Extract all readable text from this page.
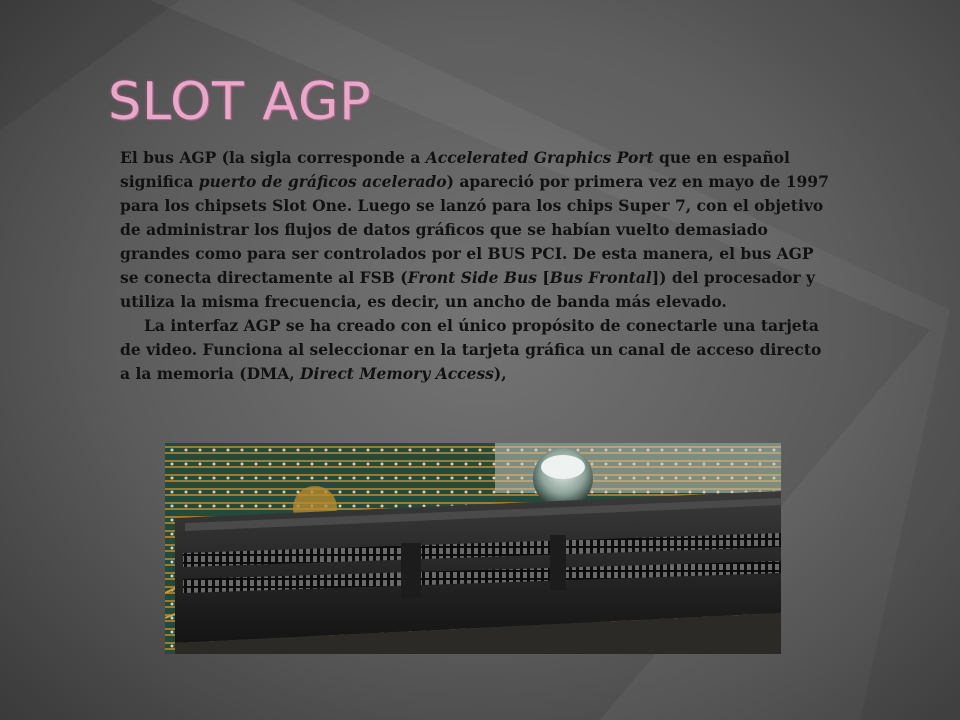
SLOT AGP

El bus AGP (la sigla corresponde a Accelerated Graphics Port que en español significa puerto de gráficos acelerado) apareció por primera vez en mayo de 1997 para los chipsets Slot One. Luego se lanzó para los chips Super 7, con el objetivo de administrar los flujos de datos gráficos que se habían vuelto demasiado grandes como para ser controlados por el BUS PCI. De esta manera, el bus AGP se conecta directamente al FSB (Front Side Bus [Bus Frontal]) del procesador y utiliza la misma frecuencia, es decir, un ancho de banda más elevado.

La interfaz AGP se ha creado con el único propósito de conectarle una tarjeta de video. Funciona al seleccionar en la tarjeta gráfica un canal de acceso directo a la memoria (DMA, Direct Memory Access),
